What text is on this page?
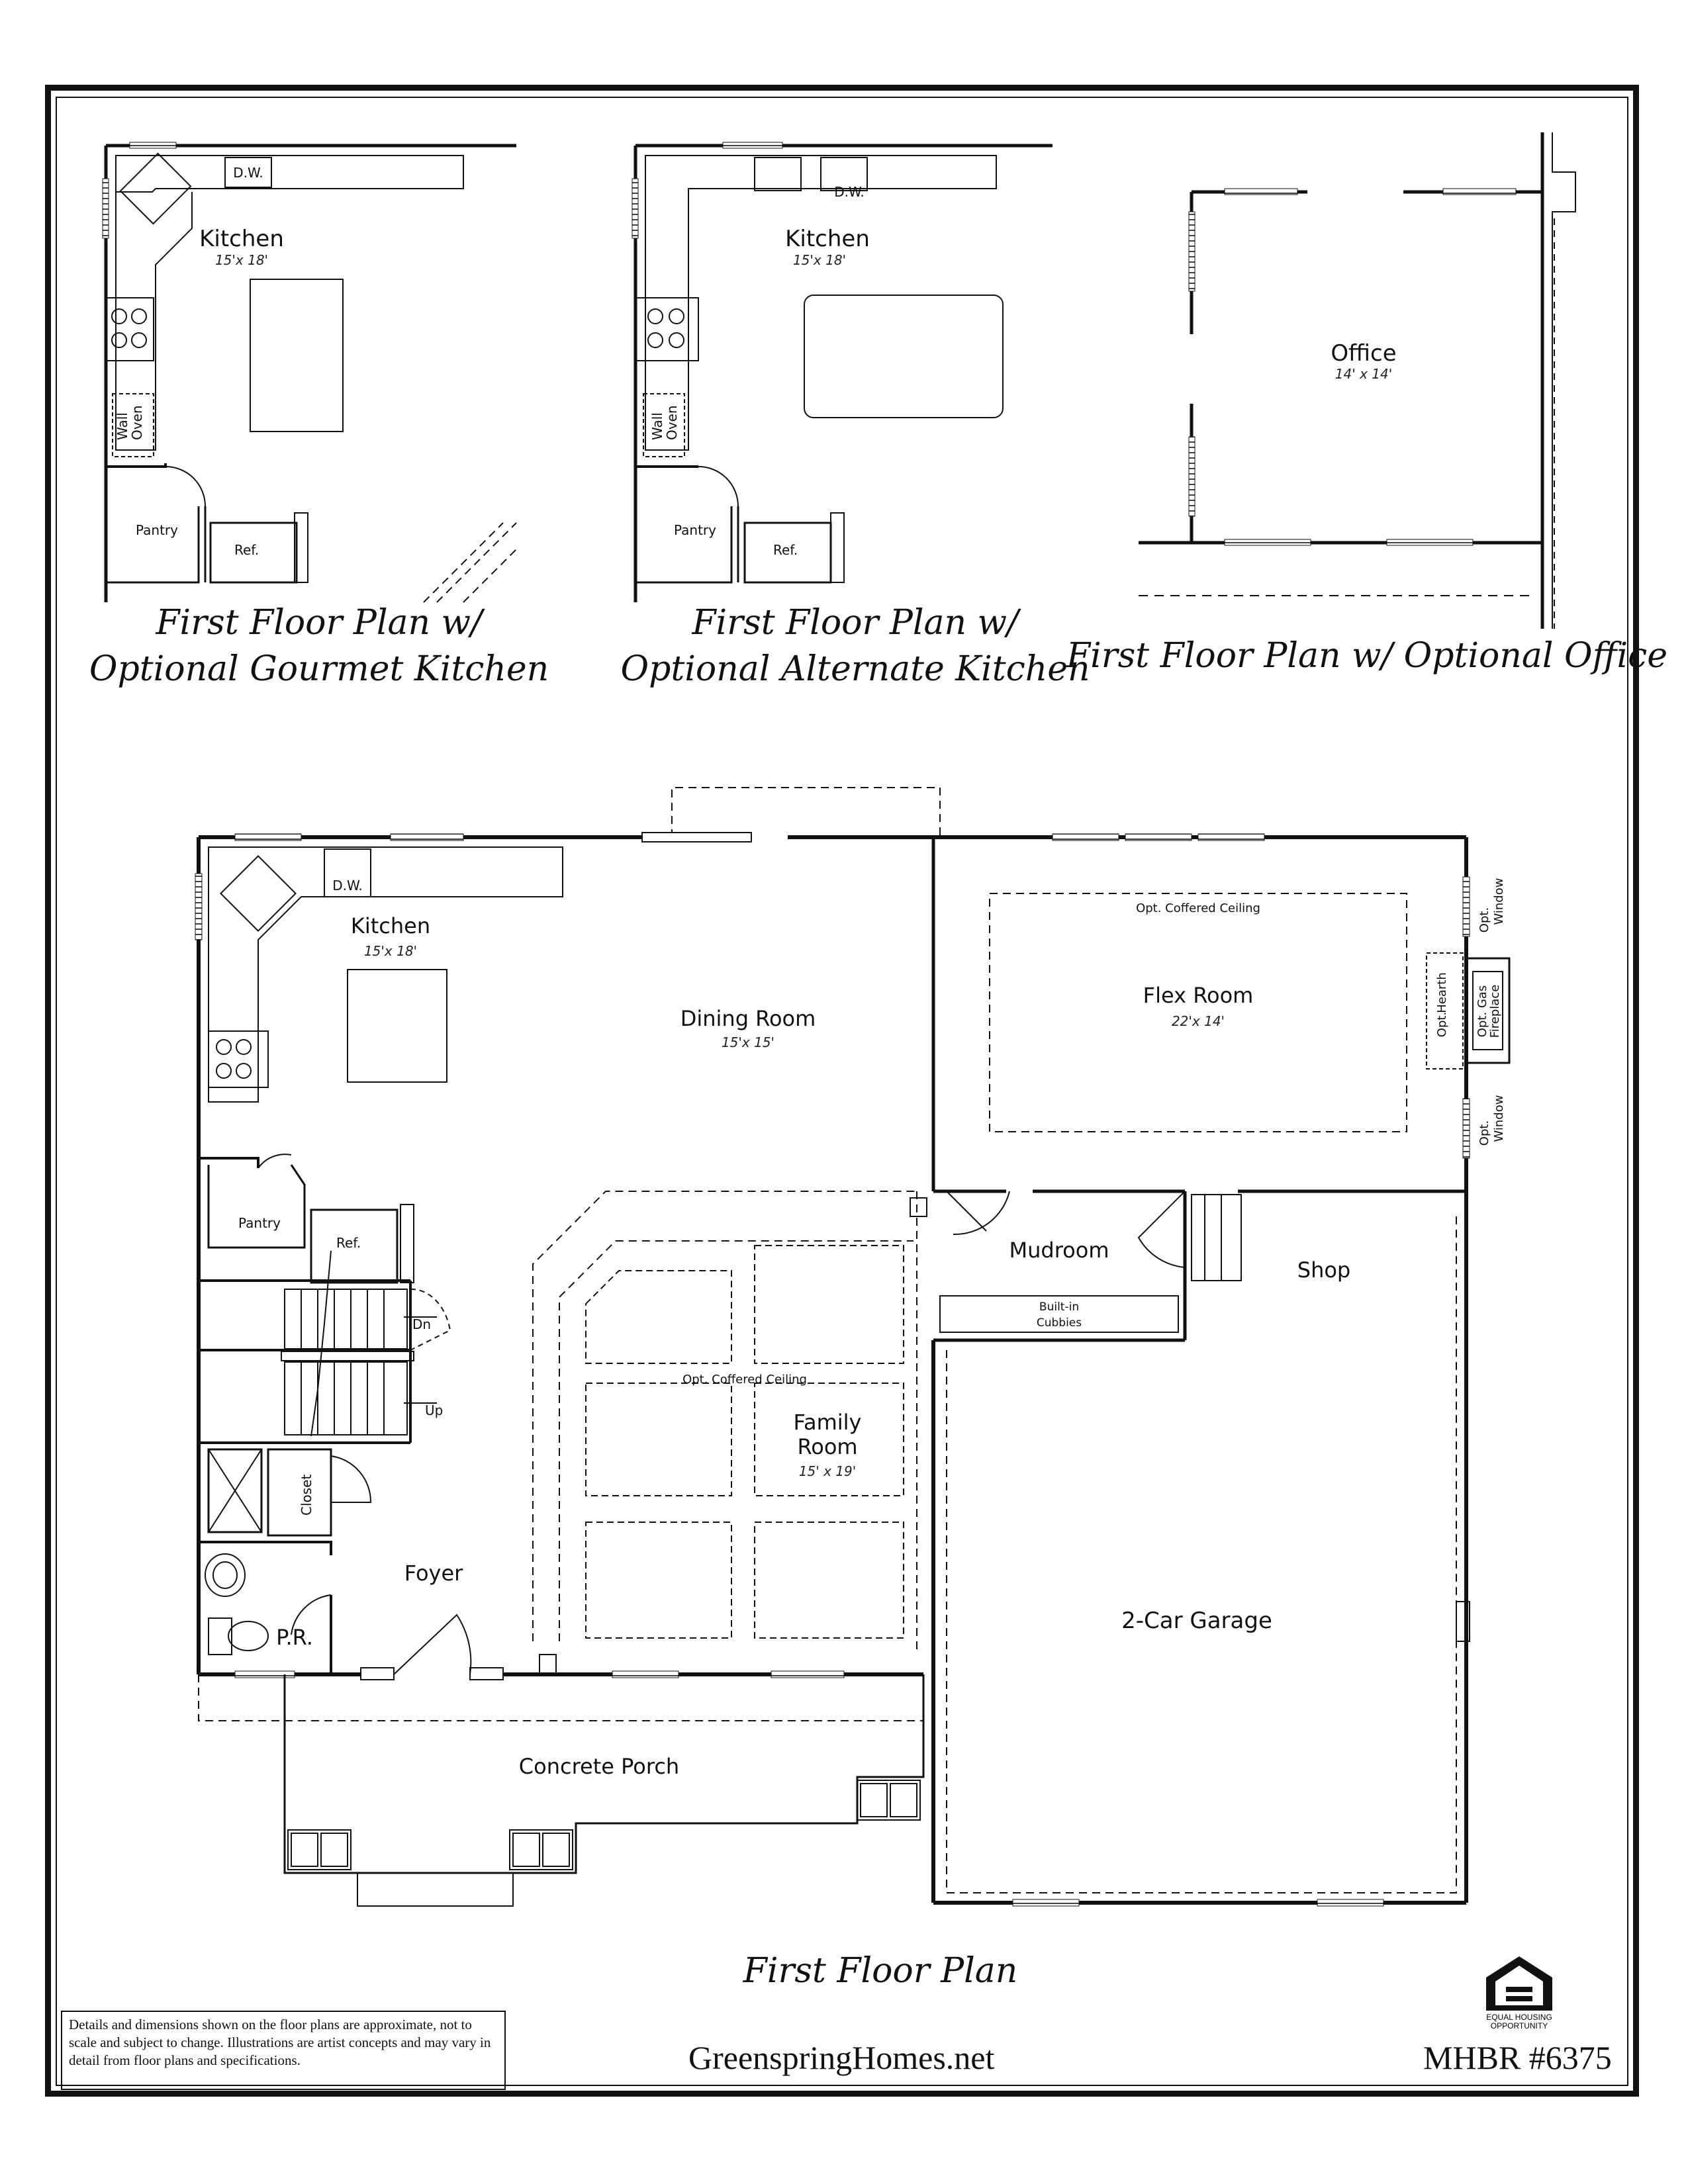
Kitchen
15'x 18'
D.W.
Wall
Oven
Pantry
Ref.
Kitchen
15'x 18'
D.W.
Wall
Oven
Pantry
Ref.
Office
14' x 14'
First Floor Plan w/
Optional Gourmet Kitchen
First Floor Plan w/
Optional Alternate Kitchen
First Floor Plan w/ Optional Office
Kitchen
15'x 18'
D.W.
Dining Room
15'x 15'
Opt. Coffered Ceiling
Flex Room
22'x 14'
Opt. Window
Opt. Window
Opt.
Hearth Opt. Gas
Fireplace
Pantry
Ref.
Dn
Up
Mudroom
Built-in
Cubbies
Shop
Opt. Coffered Ceiling
Family
Room
15' x 19'
Closet
Foyer
P.R.
2-Car Garage
Concrete Porch
First Floor Plan
Details and dimensions shown on the floor plans are approximate, not to scale and subject to change. Illustrations are artist concepts and may vary in detail from floor plans and specifications.	GreenspringHomes.net	MHBR #6375
EQUAL HOUSING
OPPORTUNITY
